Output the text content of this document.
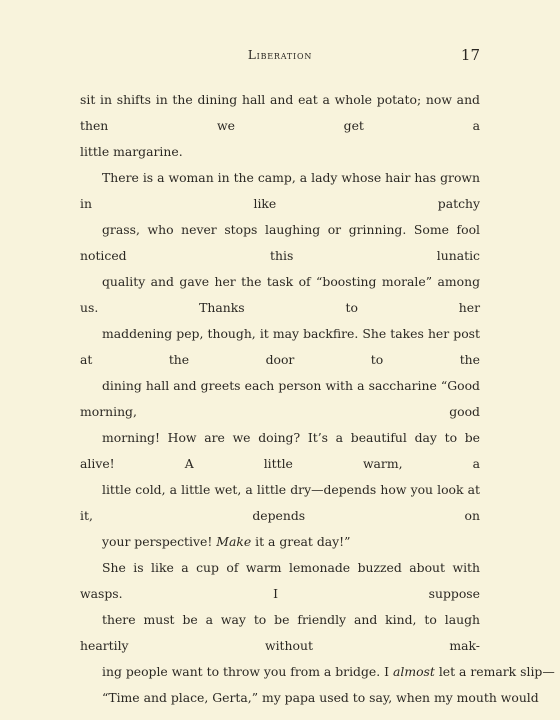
Liberation	17

sit in shifts in the dining hall and eat a whole potato; now and then we get a
little margarine.

There is a woman in the camp, a lady whose hair has grown in like patchy
grass, who never stops laughing or grinning. Some fool noticed this lunatic
quality and gave her the task of “boosting morale” among us. Thanks to her
maddening pep, though, it may backfire. She takes her post at the door to the
dining hall and greets each person with a saccharine “Good morning, good
morning! How are we doing? It’s a beautiful day to be alive! A little warm, a
little cold, a little wet, a little dry—depends how you look at it, depends on
your perspective! Make it a great day!”

She is like a cup of warm lemonade buzzed about with wasps. I suppose
there must be a way to be friendly and kind, to laugh heartily without mak-
ing people want to throw you from a bridge. I almost let a remark slip—

“Time and place, Gerta,” my papa used to say, when my mouth would
